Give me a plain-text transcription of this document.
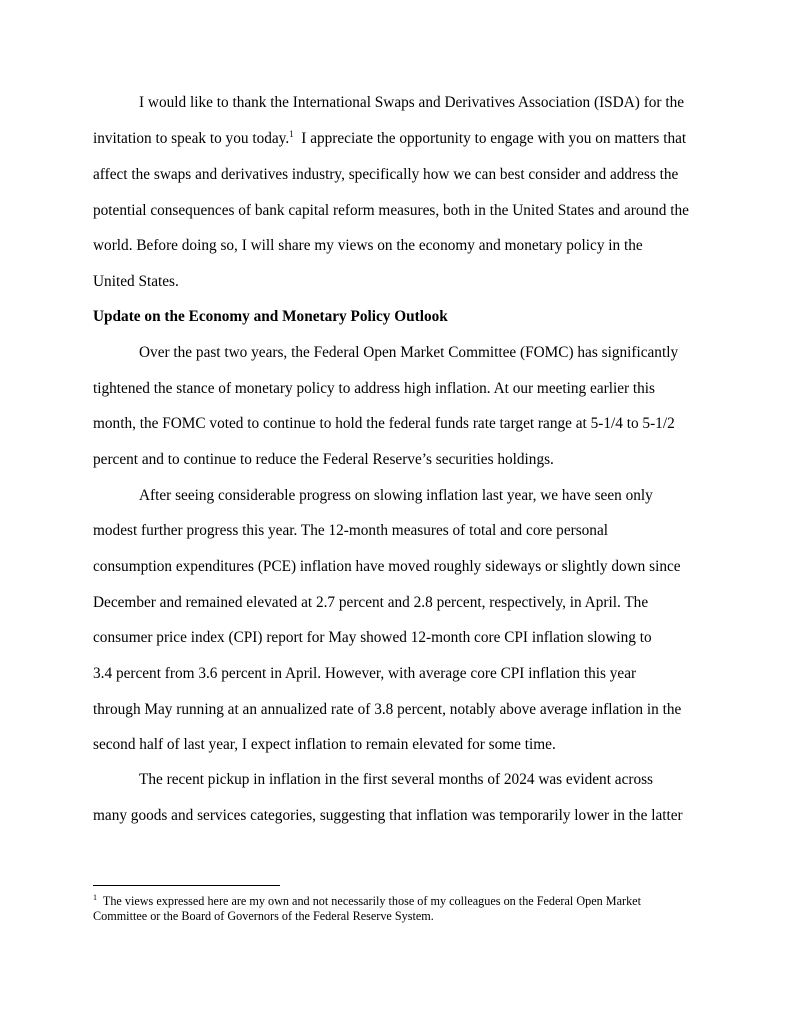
I would like to thank the International Swaps and Derivatives Association (ISDA) for the
invitation to speak to you today.$^1$  I appreciate the opportunity to engage with you on matters that
affect the swaps and derivatives industry, specifically how we can best consider and address the
potential consequences of bank capital reform measures, both in the United States and around the
world. Before doing so, I will share my views on the economy and monetary policy in the
United States.
Update on the Economy and Monetary Policy Outlook
Over the past two years, the Federal Open Market Committee (FOMC) has significantly
tightened the stance of monetary policy to address high inflation. At our meeting earlier this
month, the FOMC voted to continue to hold the federal funds rate target range at 5-1/4 to 5-1/2
percent and to continue to reduce the Federal Reserve’s securities holdings.
After seeing considerable progress on slowing inflation last year, we have seen only
modest further progress this year. The 12-month measures of total and core personal
consumption expenditures (PCE) inflation have moved roughly sideways or slightly down since
December and remained elevated at 2.7 percent and 2.8 percent, respectively, in April. The
consumer price index (CPI) report for May showed 12-month core CPI inflation slowing to
3.4 percent from 3.6 percent in April. However, with average core CPI inflation this year
through May running at an annualized rate of 3.8 percent, notably above average inflation in the
second half of last year, I expect inflation to remain elevated for some time.
The recent pickup in inflation in the first several months of 2024 was evident across
many goods and services categories, suggesting that inflation was temporarily lower in the latter
$^1$  The views expressed here are my own and not necessarily those of my colleagues on the Federal Open Market
Committee or the Board of Governors of the Federal Reserve System.
